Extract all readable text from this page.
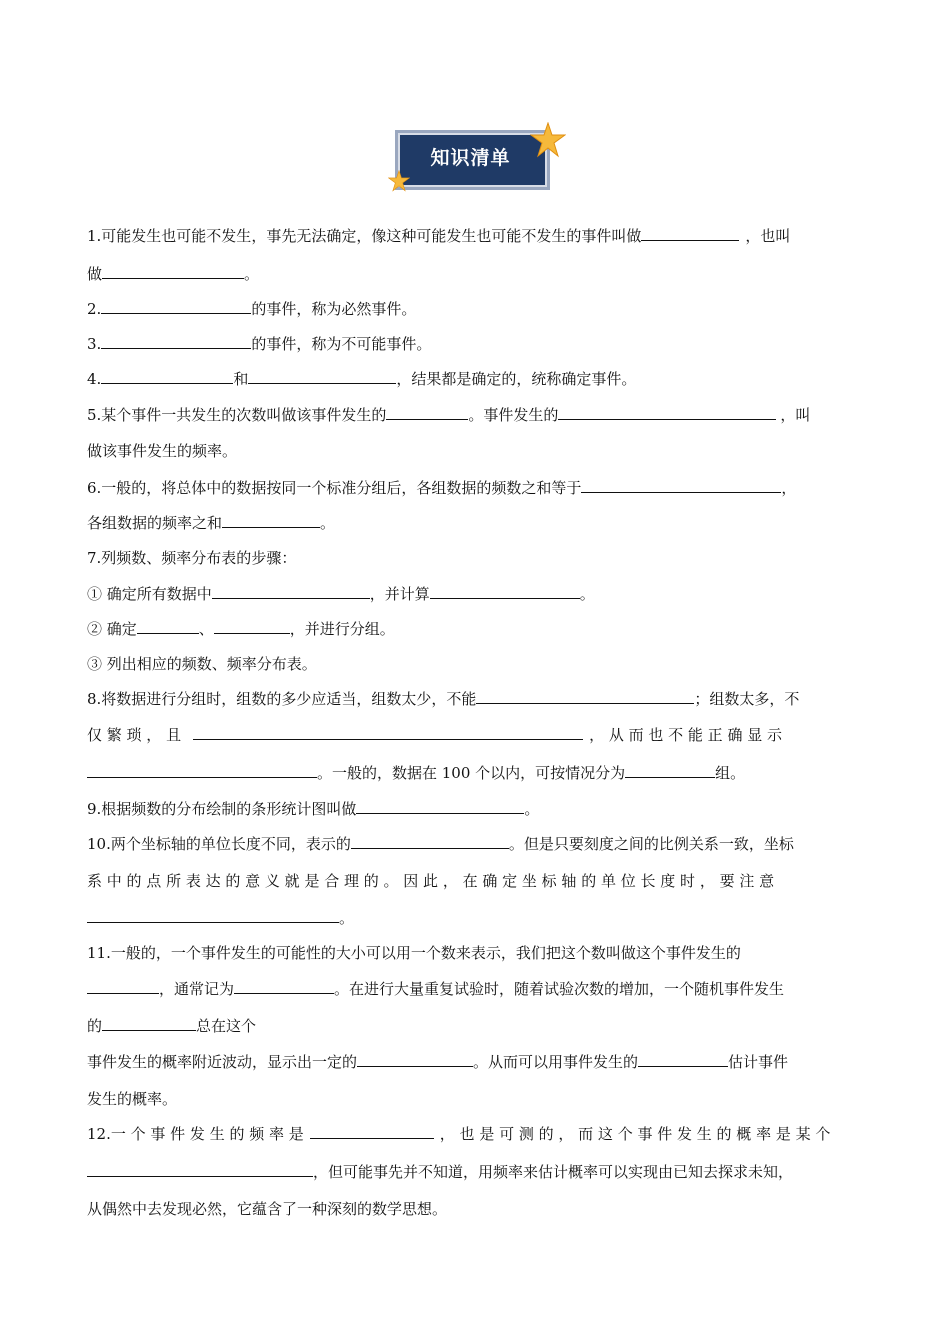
知识清单
1.可能发生也可能不发生，事先无法确定，像这种可能发生也可能不发生的事件叫做	，也叫
做	。
2.	的事件，称为必然事件。
3.	的事件，称为不可能事件。
4.	和	，结果都是确定的，统称确定事件。
5.某个事件一共发生的次数叫做该事件发生的	。事件发生的	，叫
做该事件发生的频率。
6.一般的，将总体中的数据按同一个标准分组后，各组数据的频数之和等于	，
各组数据的频率之和	。
7.列频数、频率分布表的步骤：
① 确定所有数据中	，并计算	。
② 确定	、	，并进行分组。
③ 列出相应的频数、频率分布表。
8.将数据进行分组时，组数的多少应适当，组数太少，不能	；组数太多，不
仅 繁 琐 ， 且	， 从 而 也 不 能 正 确 显 示
。一般的，数据在 100 个以内，可按情况分为	组。
9.根据频数的分布绘制的条形统计图叫做	。
10.两个坐标轴的单位长度不同，表示的	。但是只要刻度之间的比例关系一致，坐标
系 中 的 点 所 表 达 的 意 义 就 是 合 理 的 。 因 此 ， 在 确 定 坐 标 轴 的 单 位 长 度 时 ， 要 注 意
。
11.一般的，一个事件发生的可能性的大小可以用一个数来表示，我们把这个数叫做这个事件发生的
，通常记为	。在进行大量重复试验时，随着试验次数的增加，一个随机事件发生
的	总在这个
事件发生的概率附近波动，显示出一定的	。从而可以用事件发生的	估计事件
发生的概率。
12.一 个 事 件 发 生 的 频 率 是	， 也 是 可 测 的 ， 而 这 个 事 件 发 生 的 概 率 是 某 个
，但可能事先并不知道，用频率来估计概率可以实现由已知去探求未知，
从偶然中去发现必然，它蕴含了一种深刻的数学思想。
